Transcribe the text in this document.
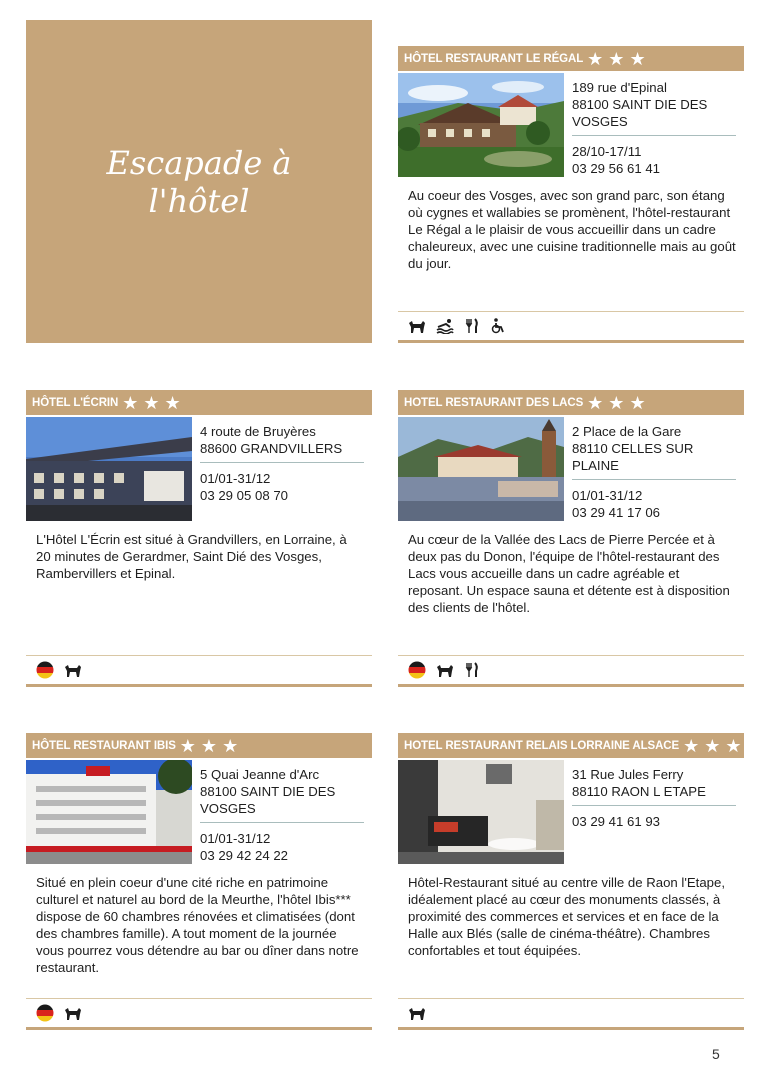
Escapade à l'hôtel
HÔTEL RESTAURANT LE RÉGAL ★★★
189 rue d'Epinal
88100 SAINT DIE DES VOSGES
28/10-17/11
03 29 56 61 41
Au coeur des Vosges, avec son grand parc, son étang où cygnes et wallabies se promènent, l'hôtel-restaurant Le Régal a le plaisir de vous accueillir dans un cadre chaleureux, avec une cuisine traditionnelle mais au goût du jour.
HÔTEL L'ÉCRIN ★★★
4 route de Bruyères
88600 GRANDVILLERS
01/01-31/12
03 29 05 08 70
L'Hôtel L'Écrin est situé à Grandvillers, en Lorraine, à 20 minutes de Gerardmer, Saint Dié des Vosges, Rambervillers et Epinal.
HOTEL RESTAURANT DES LACS ★★★
2 Place de la Gare
88110 CELLES SUR PLAINE
01/01-31/12
03 29 41 17 06
Au cœur de la Vallée des Lacs de Pierre Percée et à deux pas du Donon, l'équipe de l'hôtel-restaurant des Lacs vous accueille dans un cadre agréable et reposant. Un espace sauna et détente est à disposition des clients de l'hôtel.
HÔTEL RESTAURANT IBIS ★★★
5 Quai Jeanne d'Arc
88100 SAINT DIE DES VOSGES
01/01-31/12
03 29 42 24 22
Situé en plein coeur d'une cité riche en patrimoine culturel et naturel au bord de la Meurthe, l'hôtel Ibis*** dispose de 60 chambres rénovées et climatisées (dont des chambres famille). A tout moment de la journée vous pourrez vous détendre au bar ou dîner dans notre restaurant.
HOTEL RESTAURANT RELAIS LORRAINE ALSACE ★★★
31 Rue Jules Ferry
88110 RAON L ETAPE
03 29 41 61 93
Hôtel-Restaurant situé au centre ville de Raon l'Etape, idéalement placé au cœur des monuments classés, à proximité des commerces et services et en face de la Halle aux Blés (salle de cinéma-théâtre). Chambres confortables et tout équipées.
5
